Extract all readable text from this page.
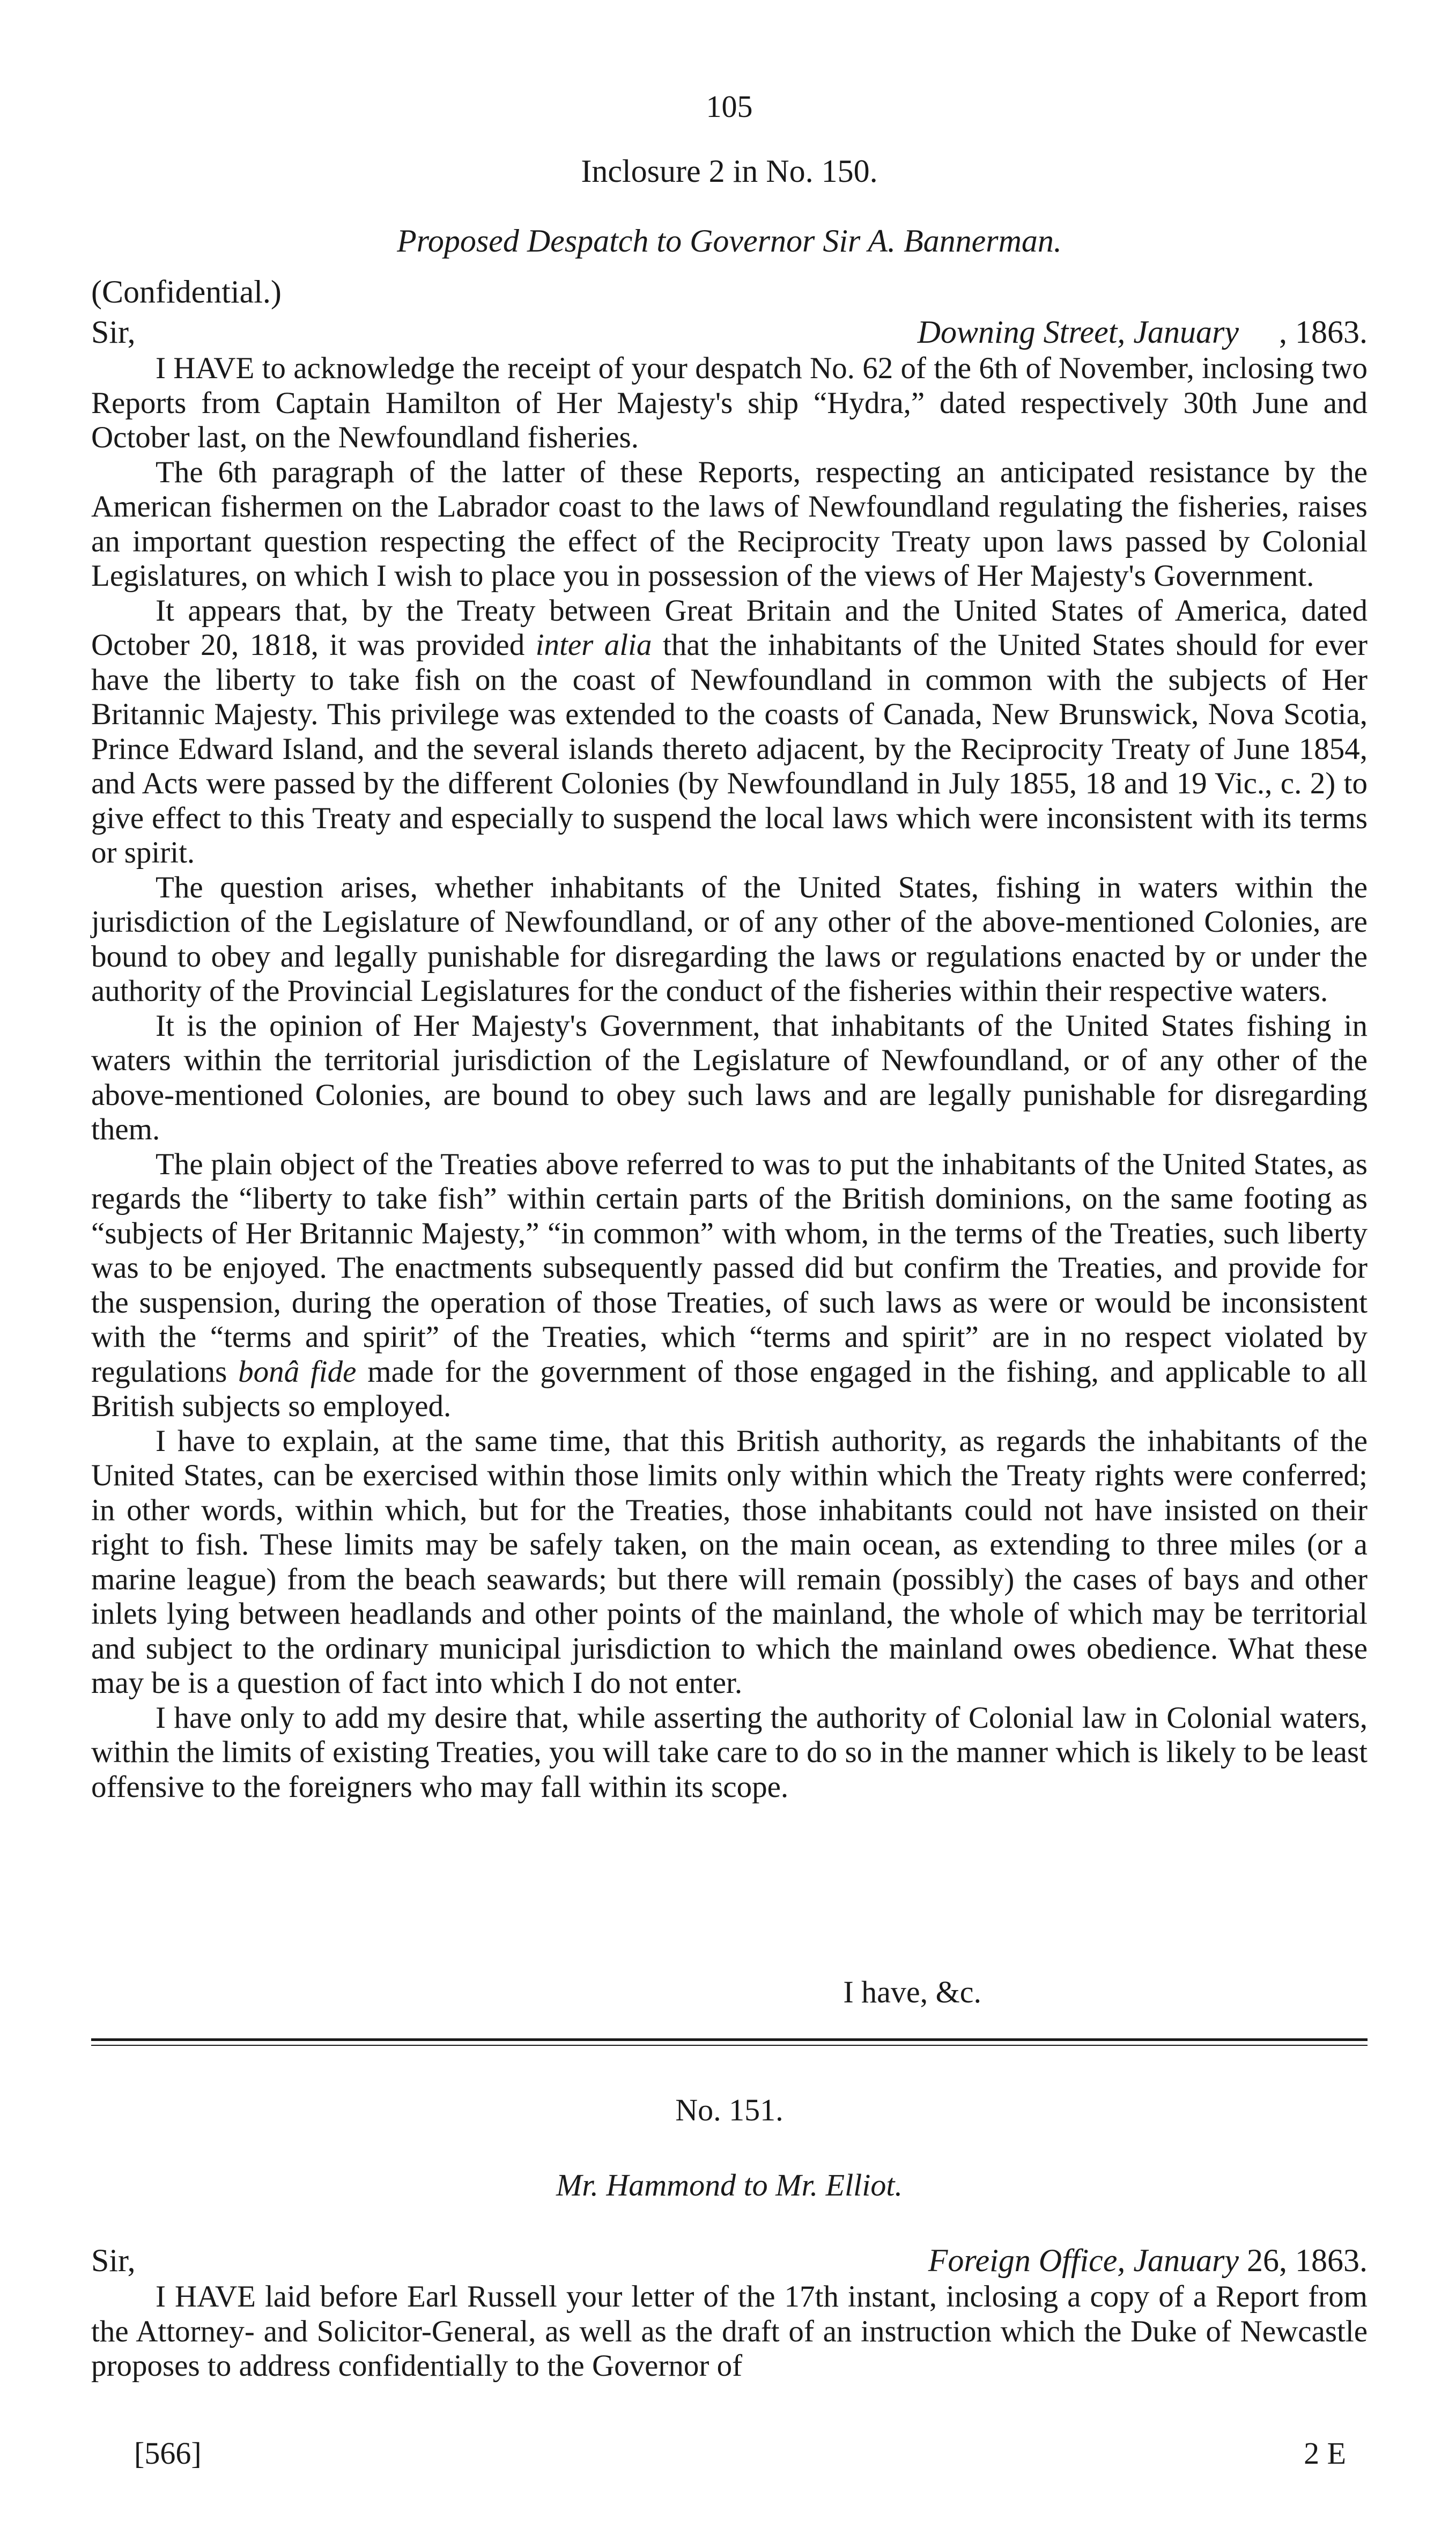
105
Inclosure 2 in No. 150.
Proposed Despatch to Governor Sir A. Bannerman.
(Confidential.)
Sir,	Downing Street, January     , 1863.

I HAVE to acknowledge the receipt of your despatch No. 62 of the 6th of November, inclosing two Reports from Captain Hamilton of Her Majesty's ship “Hydra,” dated respectively 30th June and October last, on the Newfoundland fisheries.

The 6th paragraph of the latter of these Reports, respecting an anticipated resistance by the American fishermen on the Labrador coast to the laws of Newfoundland regulating the fisheries, raises an important question respecting the effect of the Reciprocity Treaty upon laws passed by Colonial Legislatures, on which I wish to place you in possession of the views of Her Majesty's Government.

It appears that, by the Treaty between Great Britain and the United States of America, dated October 20, 1818, it was provided inter alia that the inhabitants of the United States should for ever have the liberty to take fish on the coast of Newfoundland in common with the subjects of Her Britannic Majesty. This privilege was extended to the coasts of Canada, New Brunswick, Nova Scotia, Prince Edward Island, and the several islands thereto adjacent, by the Reciprocity Treaty of June 1854, and Acts were passed by the different Colonies (by Newfoundland in July 1855, 18 and 19 Vic., c. 2) to give effect to this Treaty and especially to suspend the local laws which were inconsistent with its terms or spirit.

The question arises, whether inhabitants of the United States, fishing in waters within the jurisdiction of the Legislature of Newfoundland, or of any other of the above-mentioned Colonies, are bound to obey and legally punishable for disregarding the laws or regulations enacted by or under the authority of the Provincial Legislatures for the conduct of the fisheries within their respective waters.

It is the opinion of Her Majesty's Government, that inhabitants of the United States fishing in waters within the territorial jurisdiction of the Legislature of Newfoundland, or of any other of the above-mentioned Colonies, are bound to obey such laws and are legally punishable for disregarding them.

The plain object of the Treaties above referred to was to put the inhabitants of the United States, as regards the “liberty to take fish” within certain parts of the British dominions, on the same footing as “subjects of Her Britannic Majesty,” “in common” with whom, in the terms of the Treaties, such liberty was to be enjoyed. The enactments subsequently passed did but confirm the Treaties, and provide for the suspension, during the operation of those Treaties, of such laws as were or would be inconsistent with the “terms and spirit” of the Treaties, which “terms and spirit” are in no respect violated by regulations bonâ fide made for the government of those engaged in the fishing, and applicable to all British subjects so employed.

I have to explain, at the same time, that this British authority, as regards the inhabitants of the United States, can be exercised within those limits only within which the Treaty rights were conferred; in other words, within which, but for the Treaties, those inhabitants could not have insisted on their right to fish. These limits may be safely taken, on the main ocean, as extending to three miles (or a marine league) from the beach seawards; but there will remain (possibly) the cases of bays and other inlets lying between headlands and other points of the mainland, the whole of which may be territorial and subject to the ordinary municipal jurisdiction to which the mainland owes obedience. What these may be is a question of fact into which I do not enter.

I have only to add my desire that, while asserting the authority of Colonial law in Colonial waters, within the limits of existing Treaties, you will take care to do so in the manner which is likely to be least offensive to the foreigners who may fall within its scope.

I have, &c.
No. 151.
Mr. Hammond to Mr. Elliot.
Sir,	Foreign Office, January 26, 1863.

I HAVE laid before Earl Russell your letter of the 17th instant, inclosing a copy of a Report from the Attorney- and Solicitor-General, as well as the draft of an instruction which the Duke of Newcastle proposes to address confidentially to the Governor of

[566]	2 E
